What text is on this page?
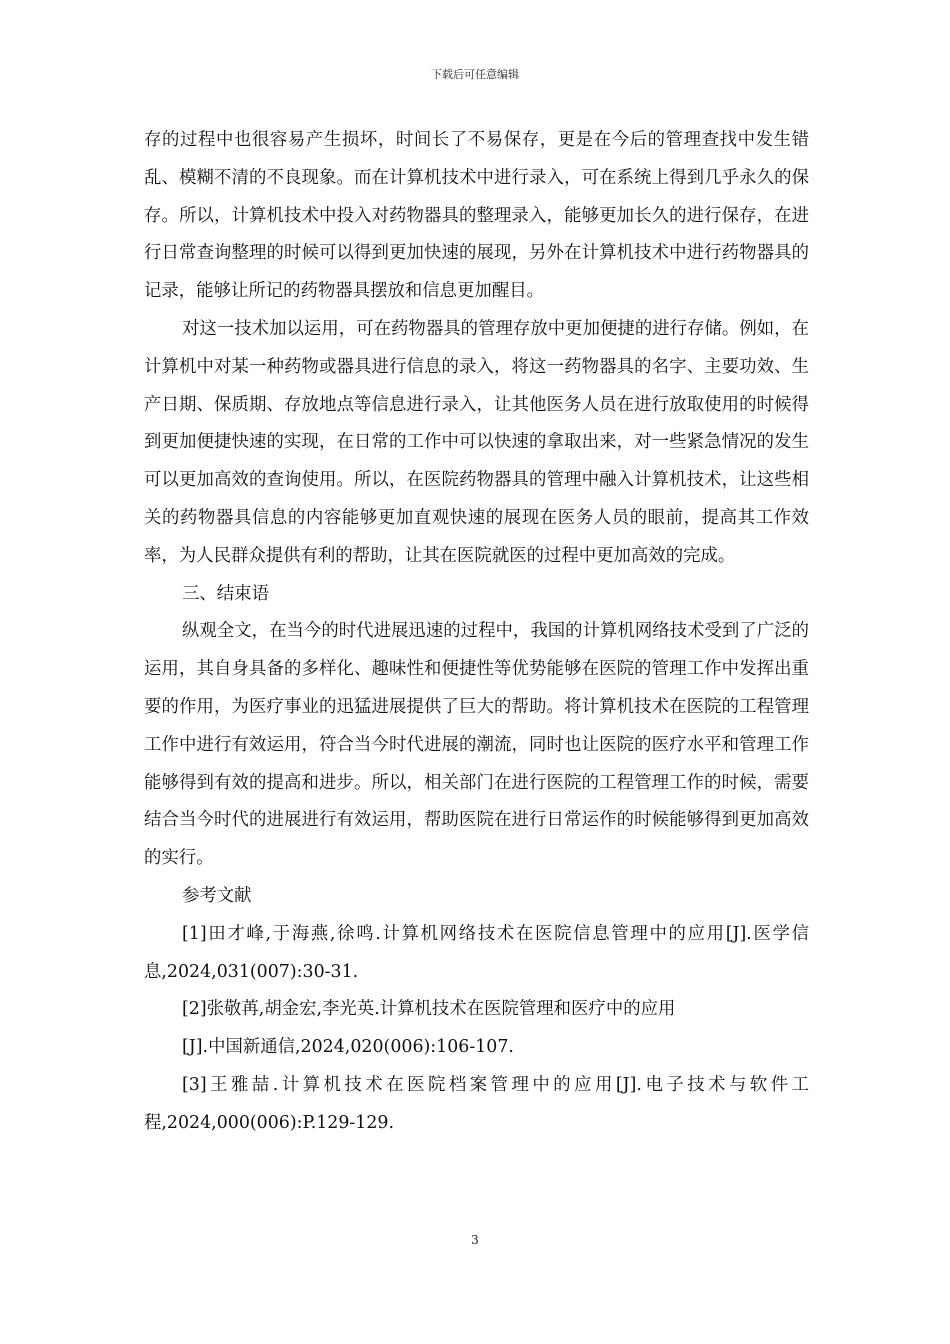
下载后可任意编辑

存的过程中也很容易产生损坏，时间长了不易保存，更是在今后的管理查找中发生错乱、模糊不清的不良现象。而在计算机技术中进行录入，可在系统上得到几乎永久的保存。所以，计算机技术中投入对药物器具的整理录入，能够更加长久的进行保存，在进行日常查询整理的时候可以得到更加快速的展现，另外在计算机技术中进行药物器具的记录，能够让所记的药物器具摆放和信息更加醒目。

对这一技术加以运用，可在药物器具的管理存放中更加便捷的进行存储。例如，在计算机中对某一种药物或器具进行信息的录入，将这一药物器具的名字、主要功效、生产日期、保质期、存放地点等信息进行录入，让其他医务人员在进行放取使用的时候得到更加便捷快速的实现，在日常的工作中可以快速的拿取出来，对一些紧急情况的发生可以更加高效的查询使用。所以，在医院药物器具的管理中融入计算机技术，让这些相关的药物器具信息的内容能够更加直观快速的展现在医务人员的眼前，提高其工作效率，为人民群众提供有利的帮助，让其在医院就医的过程中更加高效的完成。

三、结束语

纵观全文，在当今的时代进展迅速的过程中，我国的计算机网络技术受到了广泛的运用，其自身具备的多样化、趣味性和便捷性等优势能够在医院的管理工作中发挥出重要的作用，为医疗事业的迅猛进展提供了巨大的帮助。将计算机技术在医院的工程管理工作中进行有效运用，符合当今时代进展的潮流，同时也让医院的医疗水平和管理工作能够得到有效的提高和进步。所以，相关部门在进行医院的工程管理工作的时候，需要结合当今时代的进展进行有效运用，帮助医院在进行日常运作的时候能够得到更加高效的实行。

参考文献

[1]田才峰,于海燕,徐鸣.计算机网络技术在医院信息管理中的应用[J].医学信息,2024,031(007):30-31.

[2]张敬苒,胡金宏,李光英.计算机技术在医院管理和医疗中的应用

[J].中国新通信,2024,020(006):106-107.

[3]王雅喆.计算机技术在医院档案管理中的应用[J].电子技术与软件工程,2024,000(006):P.129-129.

3
